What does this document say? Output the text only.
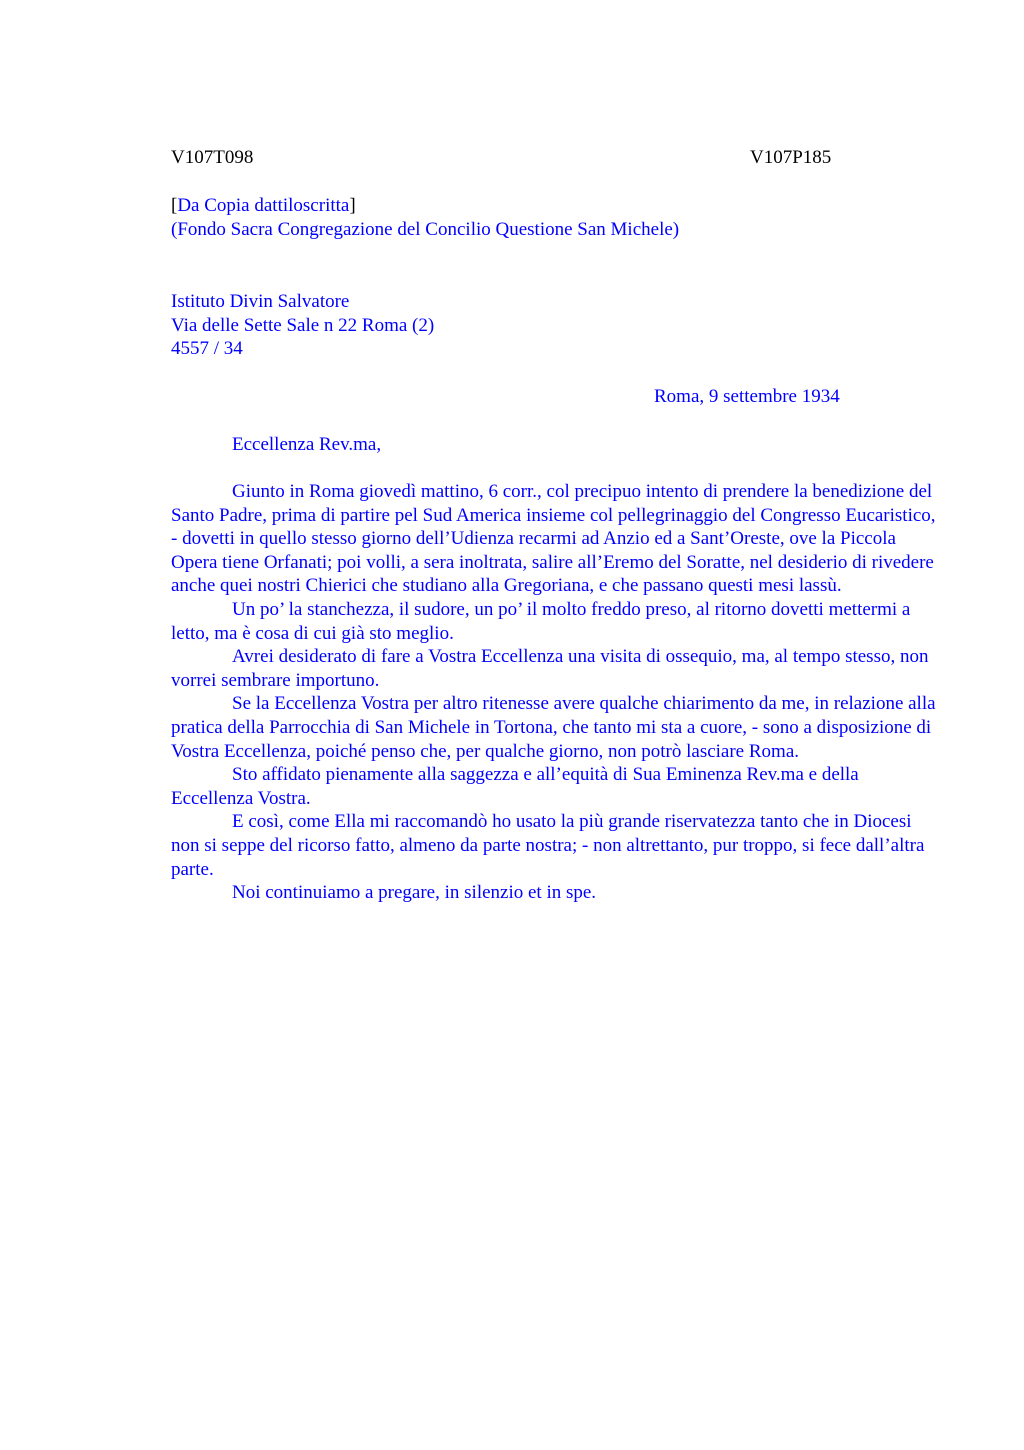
V107T098	V107P185
[Da Copia dattiloscritta]
(Fondo Sacra Congregazione del Concilio Questione San Michele)
Istituto Divin Salvatore
Via delle Sette Sale n 22 Roma (2)
4557 / 34
Roma, 9 settembre 1934
Eccellenza Rev.ma,

Giunto in Roma giovedì mattino, 6 corr., col precipuo intento di prendere la benedizione del Santo Padre, prima di partire pel Sud America insieme col pellegrinaggio del Congresso Eucaristico, - dovetti in quello stesso giorno dell’Udienza recarmi ad Anzio ed a Sant’Oreste, ove la Piccola Opera tiene Orfanati; poi volli, a sera inoltrata, salire all’Eremo del Soratte, nel desiderio di rivedere anche quei nostri Chierici che studiano alla Gregoriana, e che passano questi mesi lassù.

Un po’ la stanchezza, il sudore, un po’ il molto freddo preso, al ritorno dovetti mettermi a letto, ma è cosa di cui già sto meglio.

Avrei desiderato di fare a Vostra Eccellenza una visita di ossequio, ma, al tempo stesso, non vorrei sembrare importuno.

Se la Eccellenza Vostra per altro ritenesse avere qualche chiarimento da me, in relazione alla pratica della Parrocchia di San Michele in Tortona, che tanto mi sta a cuore, - sono a disposizione di Vostra Eccellenza, poiché penso che, per qualche giorno, non potrò lasciare Roma.

Sto affidato pienamente alla saggezza e all’equità di Sua Eminenza Rev.ma e della Eccellenza Vostra.

E così, come Ella mi raccomandò ho usato la più grande riservatezza tanto che in Diocesi non si seppe del ricorso fatto, almeno da parte nostra; - non altrettanto, pur troppo, si fece dall’altra parte.

Noi continuiamo a pregare, in silenzio et in spe.
